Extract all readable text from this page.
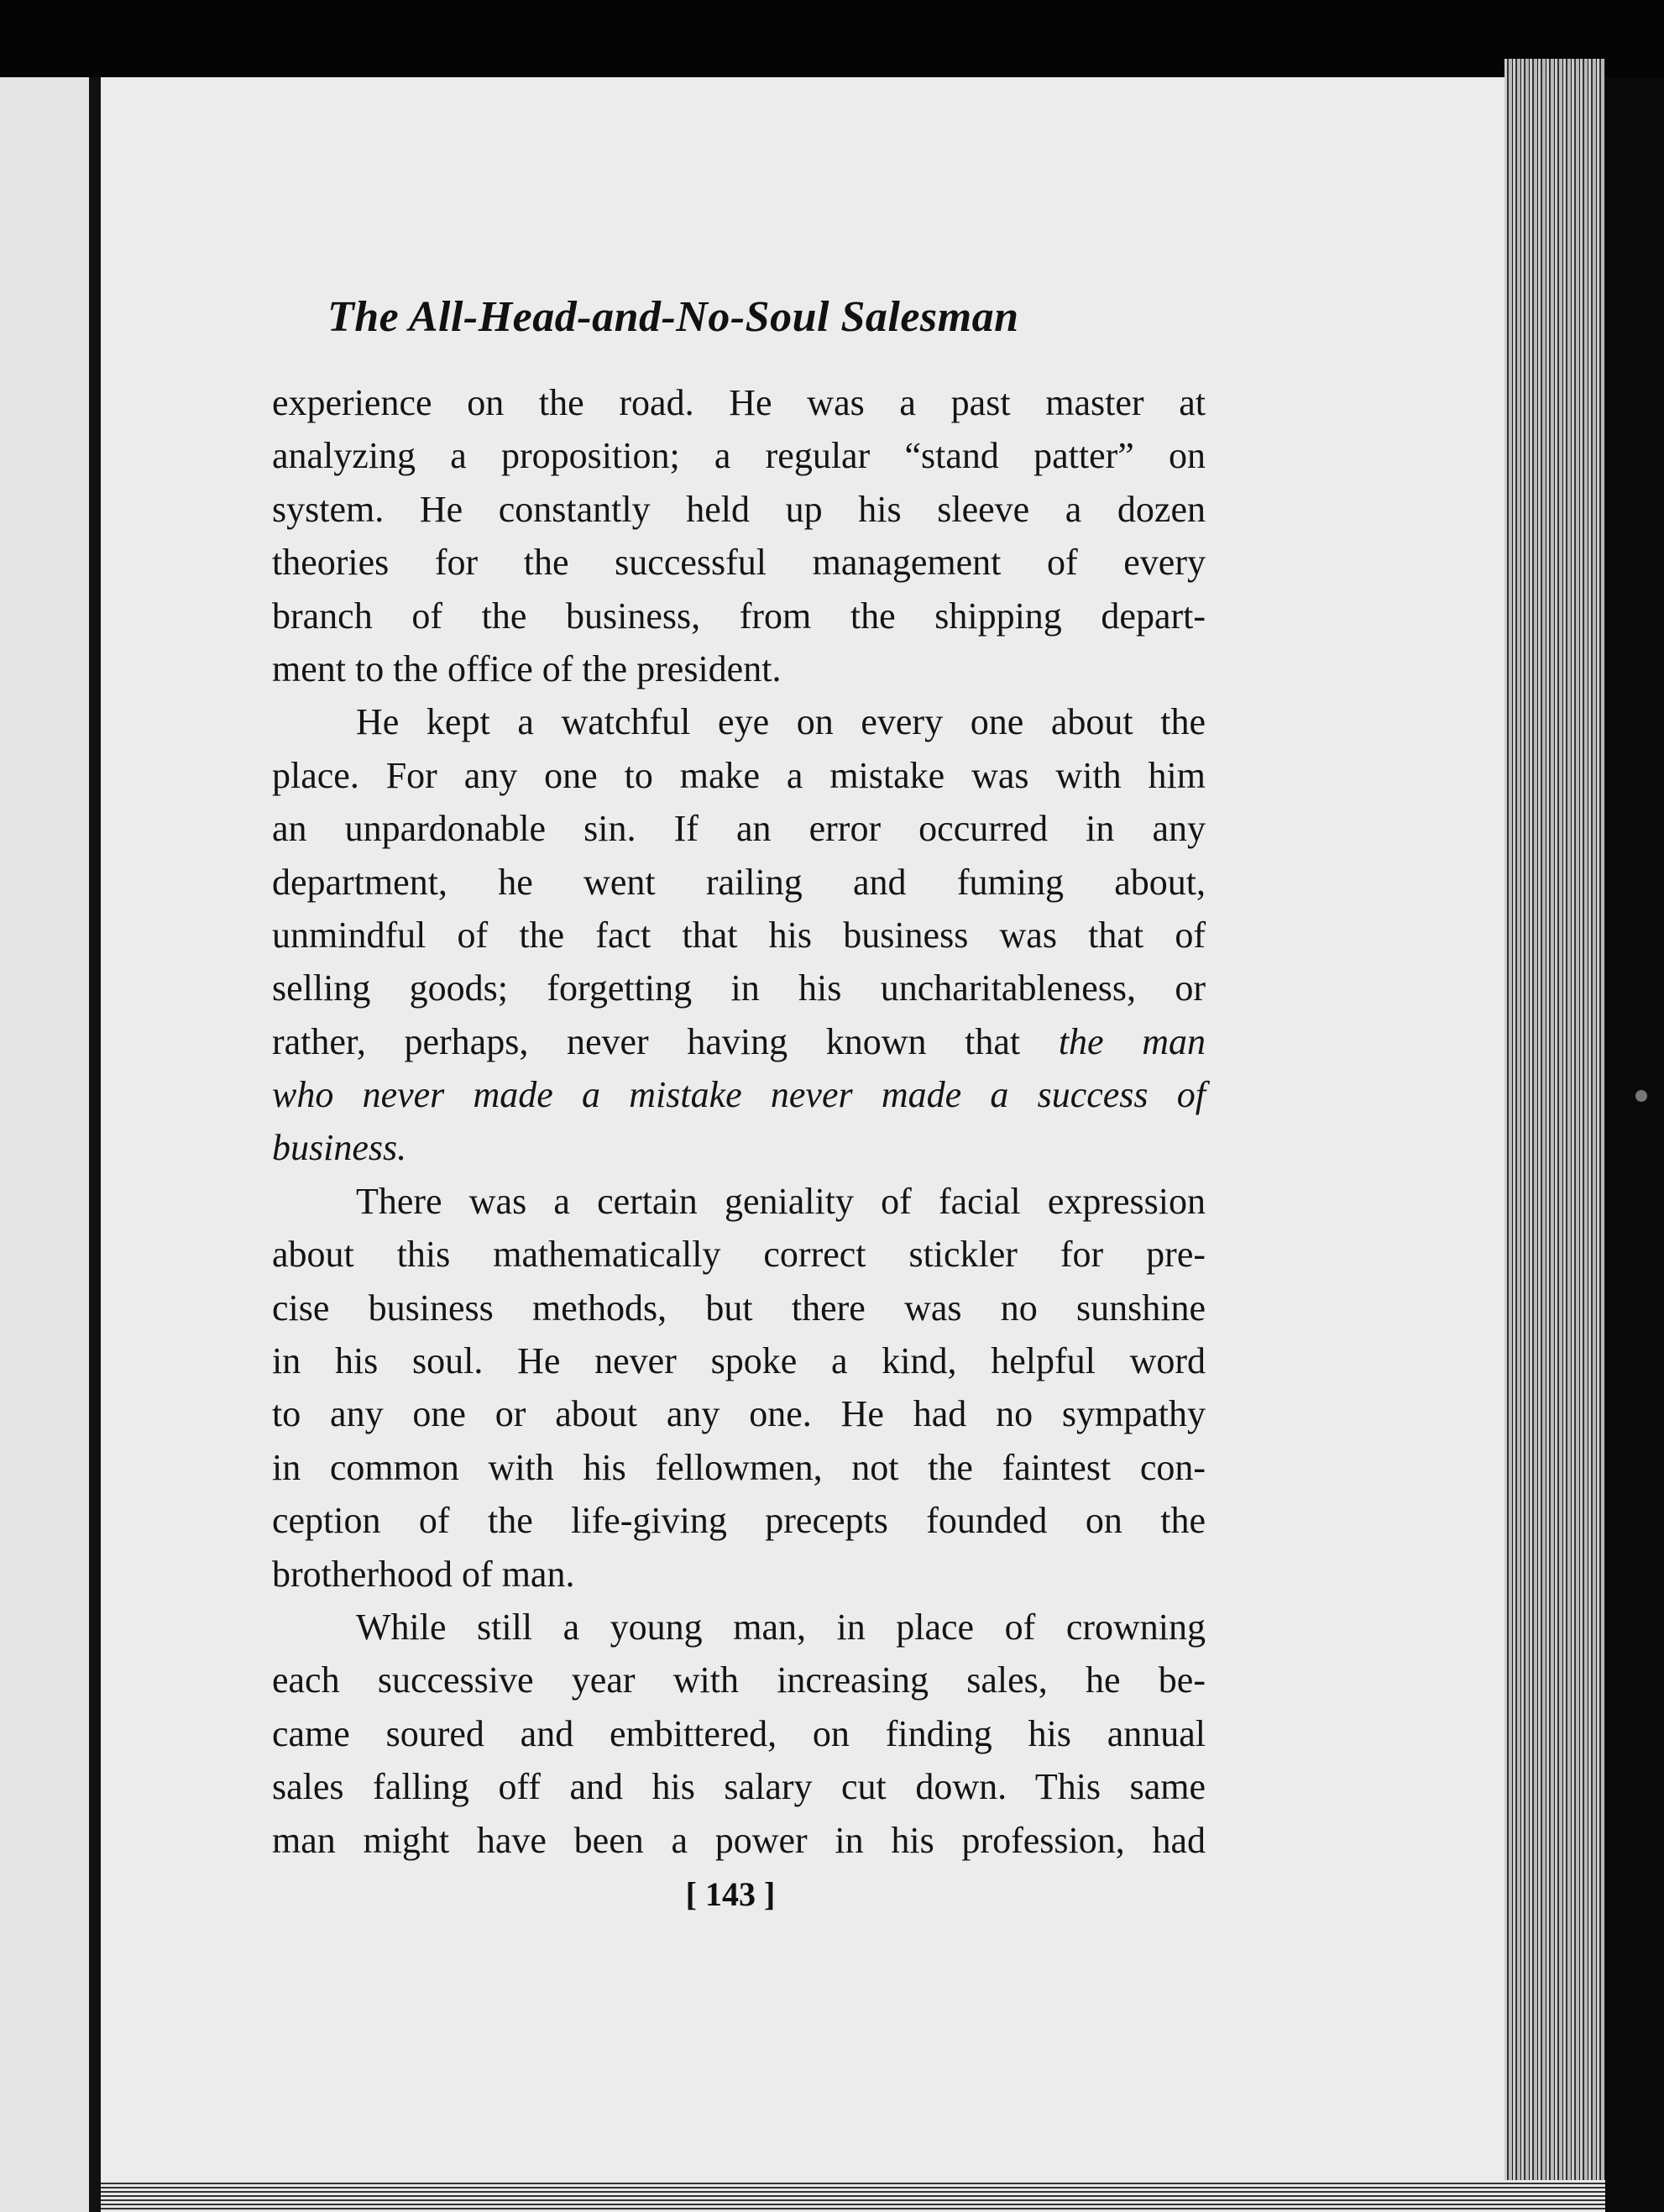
The All-Head-and-No-Soul Salesman
experience on the road. He was a past master at
analyzing a proposition; a regular “stand patter” on
system. He constantly held up his sleeve a dozen
theories for the successful management of every
branch of the business, from the shipping depart-
ment to the office of the president.
He kept a watchful eye on every one about the
place. For any one to make a mistake was with him
an unpardonable sin. If an error occurred in any
department, he went railing and fuming about,
unmindful of the fact that his business was that of
selling goods; forgetting in his uncharitableness, or
rather, perhaps, never having known that the man
who never made a mistake never made a success of
business.
There was a certain geniality of facial expression
about this mathematically correct stickler for pre-
cise business methods, but there was no sunshine
in his soul. He never spoke a kind, helpful word
to any one or about any one. He had no sympathy
in common with his fellowmen, not the faintest con-
ception of the life-giving precepts founded on the
brotherhood of man.
While still a young man, in place of crowning
each successive year with increasing sales, he be-
came soured and embittered, on finding his annual
sales falling off and his salary cut down. This same
man might have been a power in his profession, had
[ 143 ]
